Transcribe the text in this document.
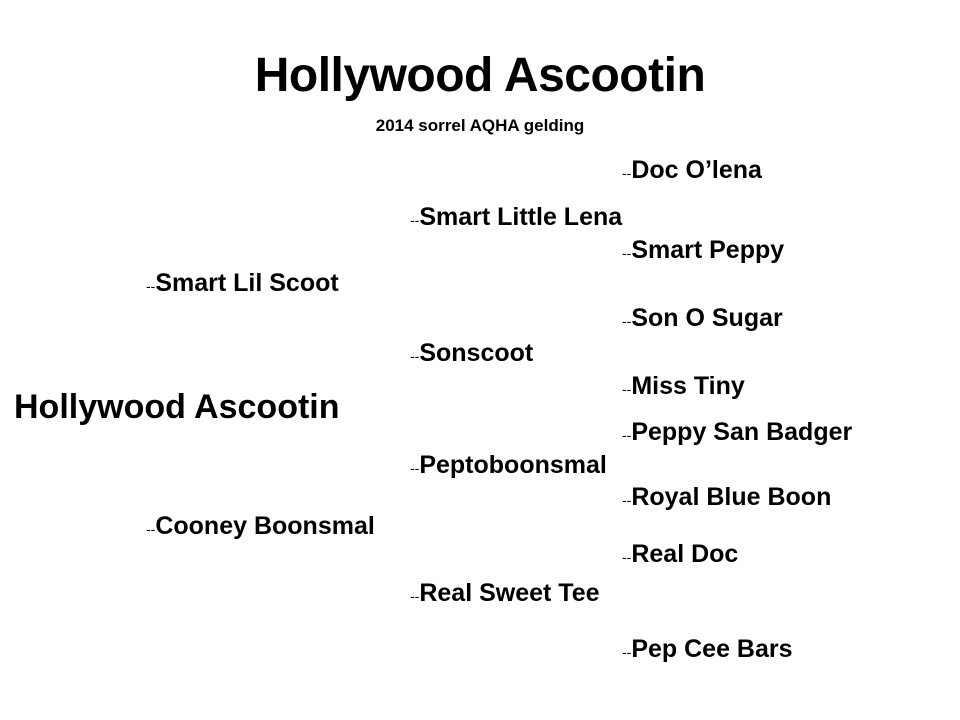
Hollywood Ascootin
2014 sorrel AQHA gelding
Hollywood Ascootin
--Smart Lil Scoot
--Cooney Boonsmal
--Smart Little Lena
--Sonscoot
--Peptoboonsmal
--Real Sweet Tee
--Doc O’lena
--Smart Peppy
--Son O Sugar
--Miss Tiny
--Peppy San Badger
--Royal Blue Boon
--Real Doc
--Pep Cee Bars
